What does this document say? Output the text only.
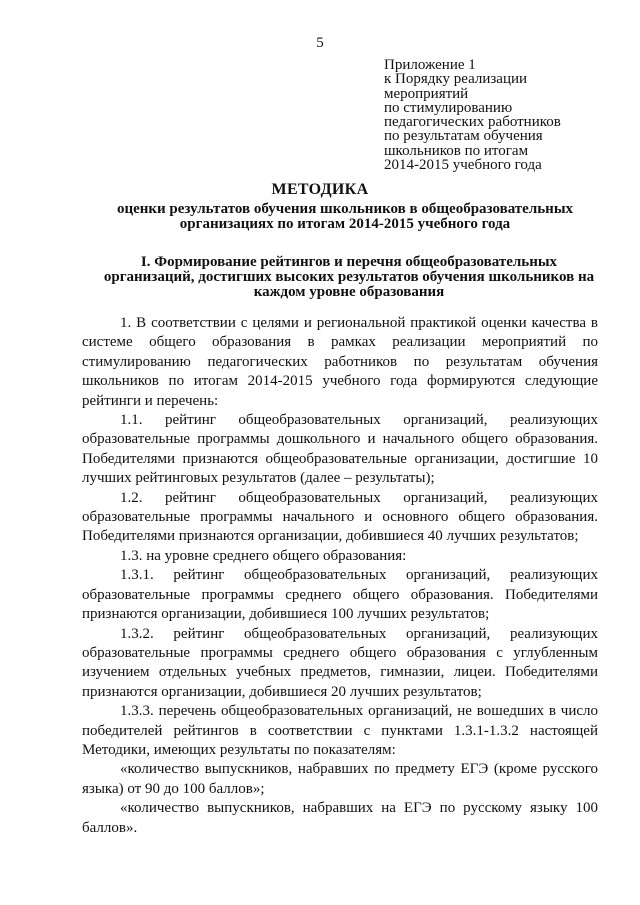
5
Приложение 1
к Порядку реализации
мероприятий
по стимулированию
педагогических работников
по результатам обучения
школьников по итогам
2014-2015 учебного года
МЕТОДИКА
оценки результатов обучения школьников в общеобразовательных организациях по итогам 2014-2015 учебного года
I. Формирование рейтингов и перечня общеобразовательных организаций, достигших высоких результатов обучения школьников на каждом уровне образования

1. В соответствии с целями и региональной практикой оценки качества в системе общего образования в рамках реализации мероприятий по стимулированию педагогических работников по результатам обучения школьников по итогам 2014-2015 учебного года формируются следующие рейтинги и перечень:

1.1. рейтинг общеобразовательных организаций, реализующих образовательные программы дошкольного и начального общего образования. Победителями признаются общеобразовательные организации, достигшие 10 лучших рейтинговых результатов (далее – результаты);

1.2. рейтинг общеобразовательных организаций, реализующих образовательные программы начального и основного общего образования. Победителями признаются организации, добившиеся 40 лучших результатов;

1.3. на уровне среднего общего образования:

1.3.1. рейтинг общеобразовательных организаций, реализующих образовательные программы среднего общего образования. Победителями признаются организации, добившиеся 100 лучших результатов;

1.3.2. рейтинг общеобразовательных организаций, реализующих образовательные программы среднего общего образования с углубленным изучением отдельных учебных предметов, гимназии, лицеи. Победителями признаются организации, добившиеся 20 лучших результатов;

1.3.3. перечень общеобразовательных организаций, не вошедших в число победителей рейтингов в соответствии с пунктами 1.3.1-1.3.2 настоящей Методики, имеющих результаты по показателям:

«количество выпускников, набравших по предмету ЕГЭ (кроме русского языка) от 90 до 100 баллов»;

«количество выпускников, набравших на ЕГЭ по русскому языку 100 баллов».
